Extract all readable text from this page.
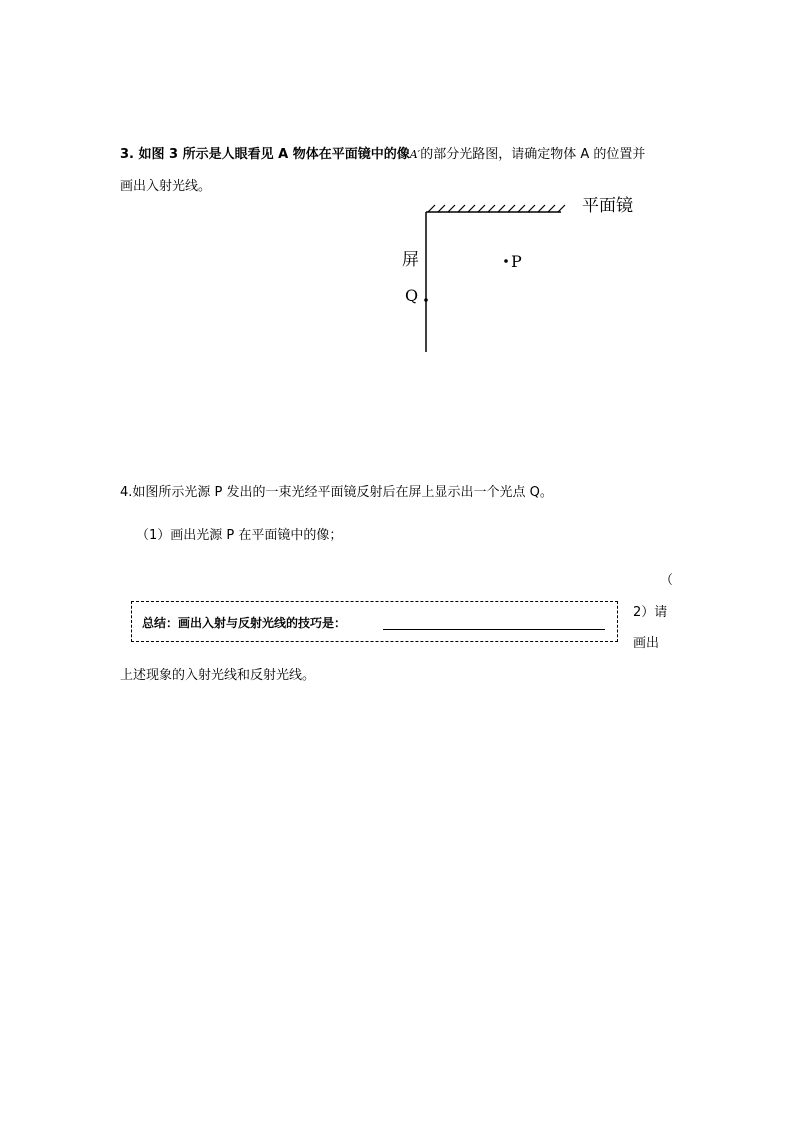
3. 如图 3 所示是人眼看见 A 物体在平面镜中的像A′的部分光路图，请确定物体 A 的位置并
画出入射光线。
平面镜
屏	P
Q
4.如图所示光源 P 发出的一束光经平面镜反射后在屏上显示出一个光点 Q。
（1）画出光源 P 在平面镜中的像；
（
2）请
画出
上述现象的入射光线和反射光线。
总结：画出入射与反射光线的技巧是：
